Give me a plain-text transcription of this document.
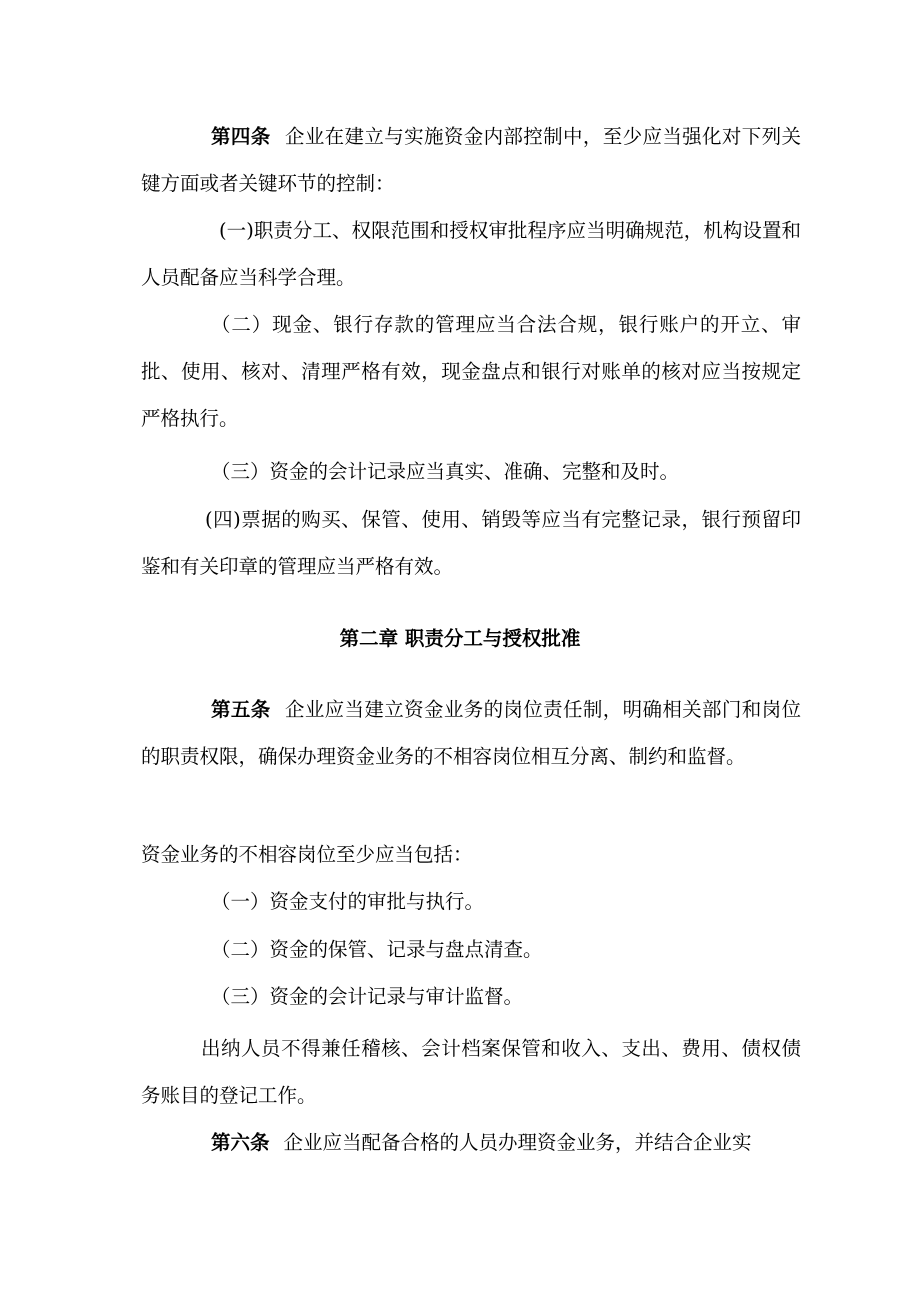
第四条 企业在建立与实施资金内部控制中，至少应当强化对下列关键方面或者关键环节的控制：

(一)职责分工、权限范围和授权审批程序应当明确规范，机构设置和人员配备应当科学合理。

（二）现金、银行存款的管理应当合法合规，银行账户的开立、审批、使用、核对、清理严格有效，现金盘点和银行对账单的核对应当按规定严格执行。

（三）资金的会计记录应当真实、准确、完整和及时。

(四)票据的购买、保管、使用、销毁等应当有完整记录，银行预留印鉴和有关印章的管理应当严格有效。

第二章 职责分工与授权批准

第五条 企业应当建立资金业务的岗位责任制，明确相关部门和岗位的职责权限，确保办理资金业务的不相容岗位相互分离、制约和监督。

资金业务的不相容岗位至少应当包括：

（一）资金支付的审批与执行。

（二）资金的保管、记录与盘点清查。

（三）资金的会计记录与审计监督。

出纳人员不得兼任稽核、会计档案保管和收入、支出、费用、债权债务账目的登记工作。

第六条 企业应当配备合格的人员办理资金业务，并结合企业实
